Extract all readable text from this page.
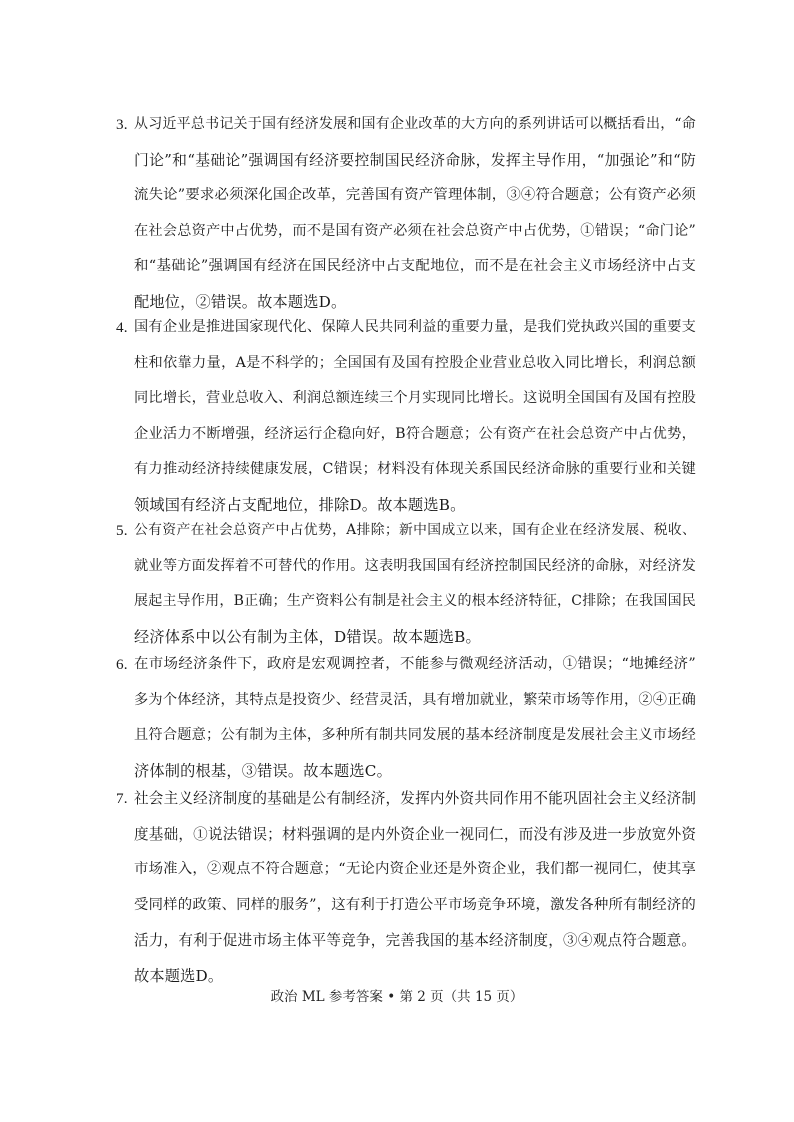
3. 从习近平总书记关于国有经济发展和国有企业改革的大方向的系列讲话可以概括看出，“命
门论”和“基础论”强调国有经济要控制国民经济命脉，发挥主导作用，“加强论”和“防
流失论”要求必须深化国企改革，完善国有资产管理体制，③④符合题意；公有资产必须
在社会总资产中占优势，而不是国有资产必须在社会总资产中占优势，①错误；“命门论”
和“基础论”强调国有经济在国民经济中占支配地位，而不是在社会主义市场经济中占支
配地位，②错误。故本题选D。
4. 国有企业是推进国家现代化、保障人民共同利益的重要力量，是我们党执政兴国的重要支
柱和依靠力量，A是不科学的；全国国有及国有控股企业营业总收入同比增长，利润总额
同比增长，营业总收入、利润总额连续三个月实现同比增长。这说明全国国有及国有控股
企业活力不断增强，经济运行企稳向好，B符合题意；公有资产在社会总资产中占优势，
有力推动经济持续健康发展，C错误；材料没有体现关系国民经济命脉的重要行业和关键
领域国有经济占支配地位，排除D。故本题选B。
5. 公有资产在社会总资产中占优势，A排除；新中国成立以来，国有企业在经济发展、税收、
就业等方面发挥着不可替代的作用。这表明我国国有经济控制国民经济的命脉，对经济发
展起主导作用，B正确；生产资料公有制是社会主义的根本经济特征，C排除；在我国国民
经济体系中以公有制为主体，D错误。故本题选B。
6. 在市场经济条件下，政府是宏观调控者，不能参与微观经济活动，①错误；“地摊经济”
多为个体经济，其特点是投资少、经营灵活，具有增加就业，繁荣市场等作用，②④正确
且符合题意；公有制为主体，多种所有制共同发展的基本经济制度是发展社会主义市场经
济体制的根基，③错误。故本题选C。
7. 社会主义经济制度的基础是公有制经济，发挥内外资共同作用不能巩固社会主义经济制
度基础，①说法错误；材料强调的是内外资企业一视同仁，而没有涉及进一步放宽外资
市场准入，②观点不符合题意；“无论内资企业还是外资企业，我们都一视同仁，使其享
受同样的政策、同样的服务”，这有利于打造公平市场竞争环境，激发各种所有制经济的
活力，有利于促进市场主体平等竞争，完善我国的基本经济制度，③④观点符合题意。
故本题选D。
政治 ML 参考答案 • 第 2 页（共 15 页）
